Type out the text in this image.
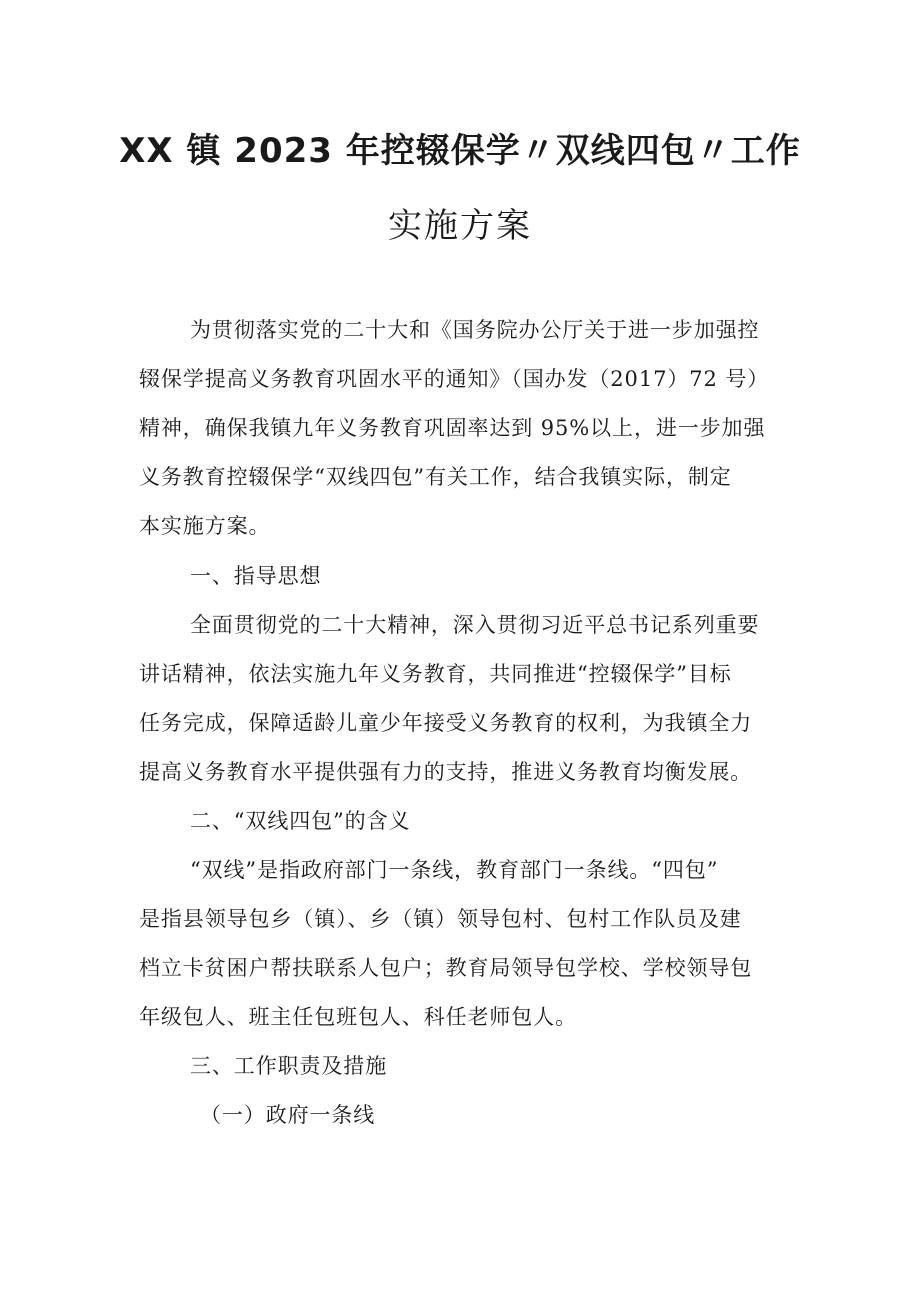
XX 镇 2023 年控辍保学〃双线四包〃工作
实施方案
为贯彻落实党的二十大和《国务院办公厅关于进一步加强控
辍保学提高义务教育巩固水平的通知》（国办发（2017）72 号）
精神，确保我镇九年义务教育巩固率达到 95%以上，进一步加强
义务教育控辍保学“双线四包”有关工作，结合我镇实际，制定
本实施方案。
一、指导思想
全面贯彻党的二十大精神，深入贯彻习近平总书记系列重要
讲话精神，依法实施九年义务教育，共同推进“控辍保学”目标
任务完成，保障适龄儿童少年接受义务教育的权利，为我镇全力
提高义务教育水平提供强有力的支持，推进义务教育均衡发展。
二、“双线四包”的含义
“双线”是指政府部门一条线，教育部门一条线。“四包”
是指县领导包乡（镇）、乡（镇）领导包村、包村工作队员及建
档立卡贫困户帮扶联系人包户；教育局领导包学校、学校领导包
年级包人、班主任包班包人、科任老师包人。
三、工作职责及措施
（一）政府一条线
